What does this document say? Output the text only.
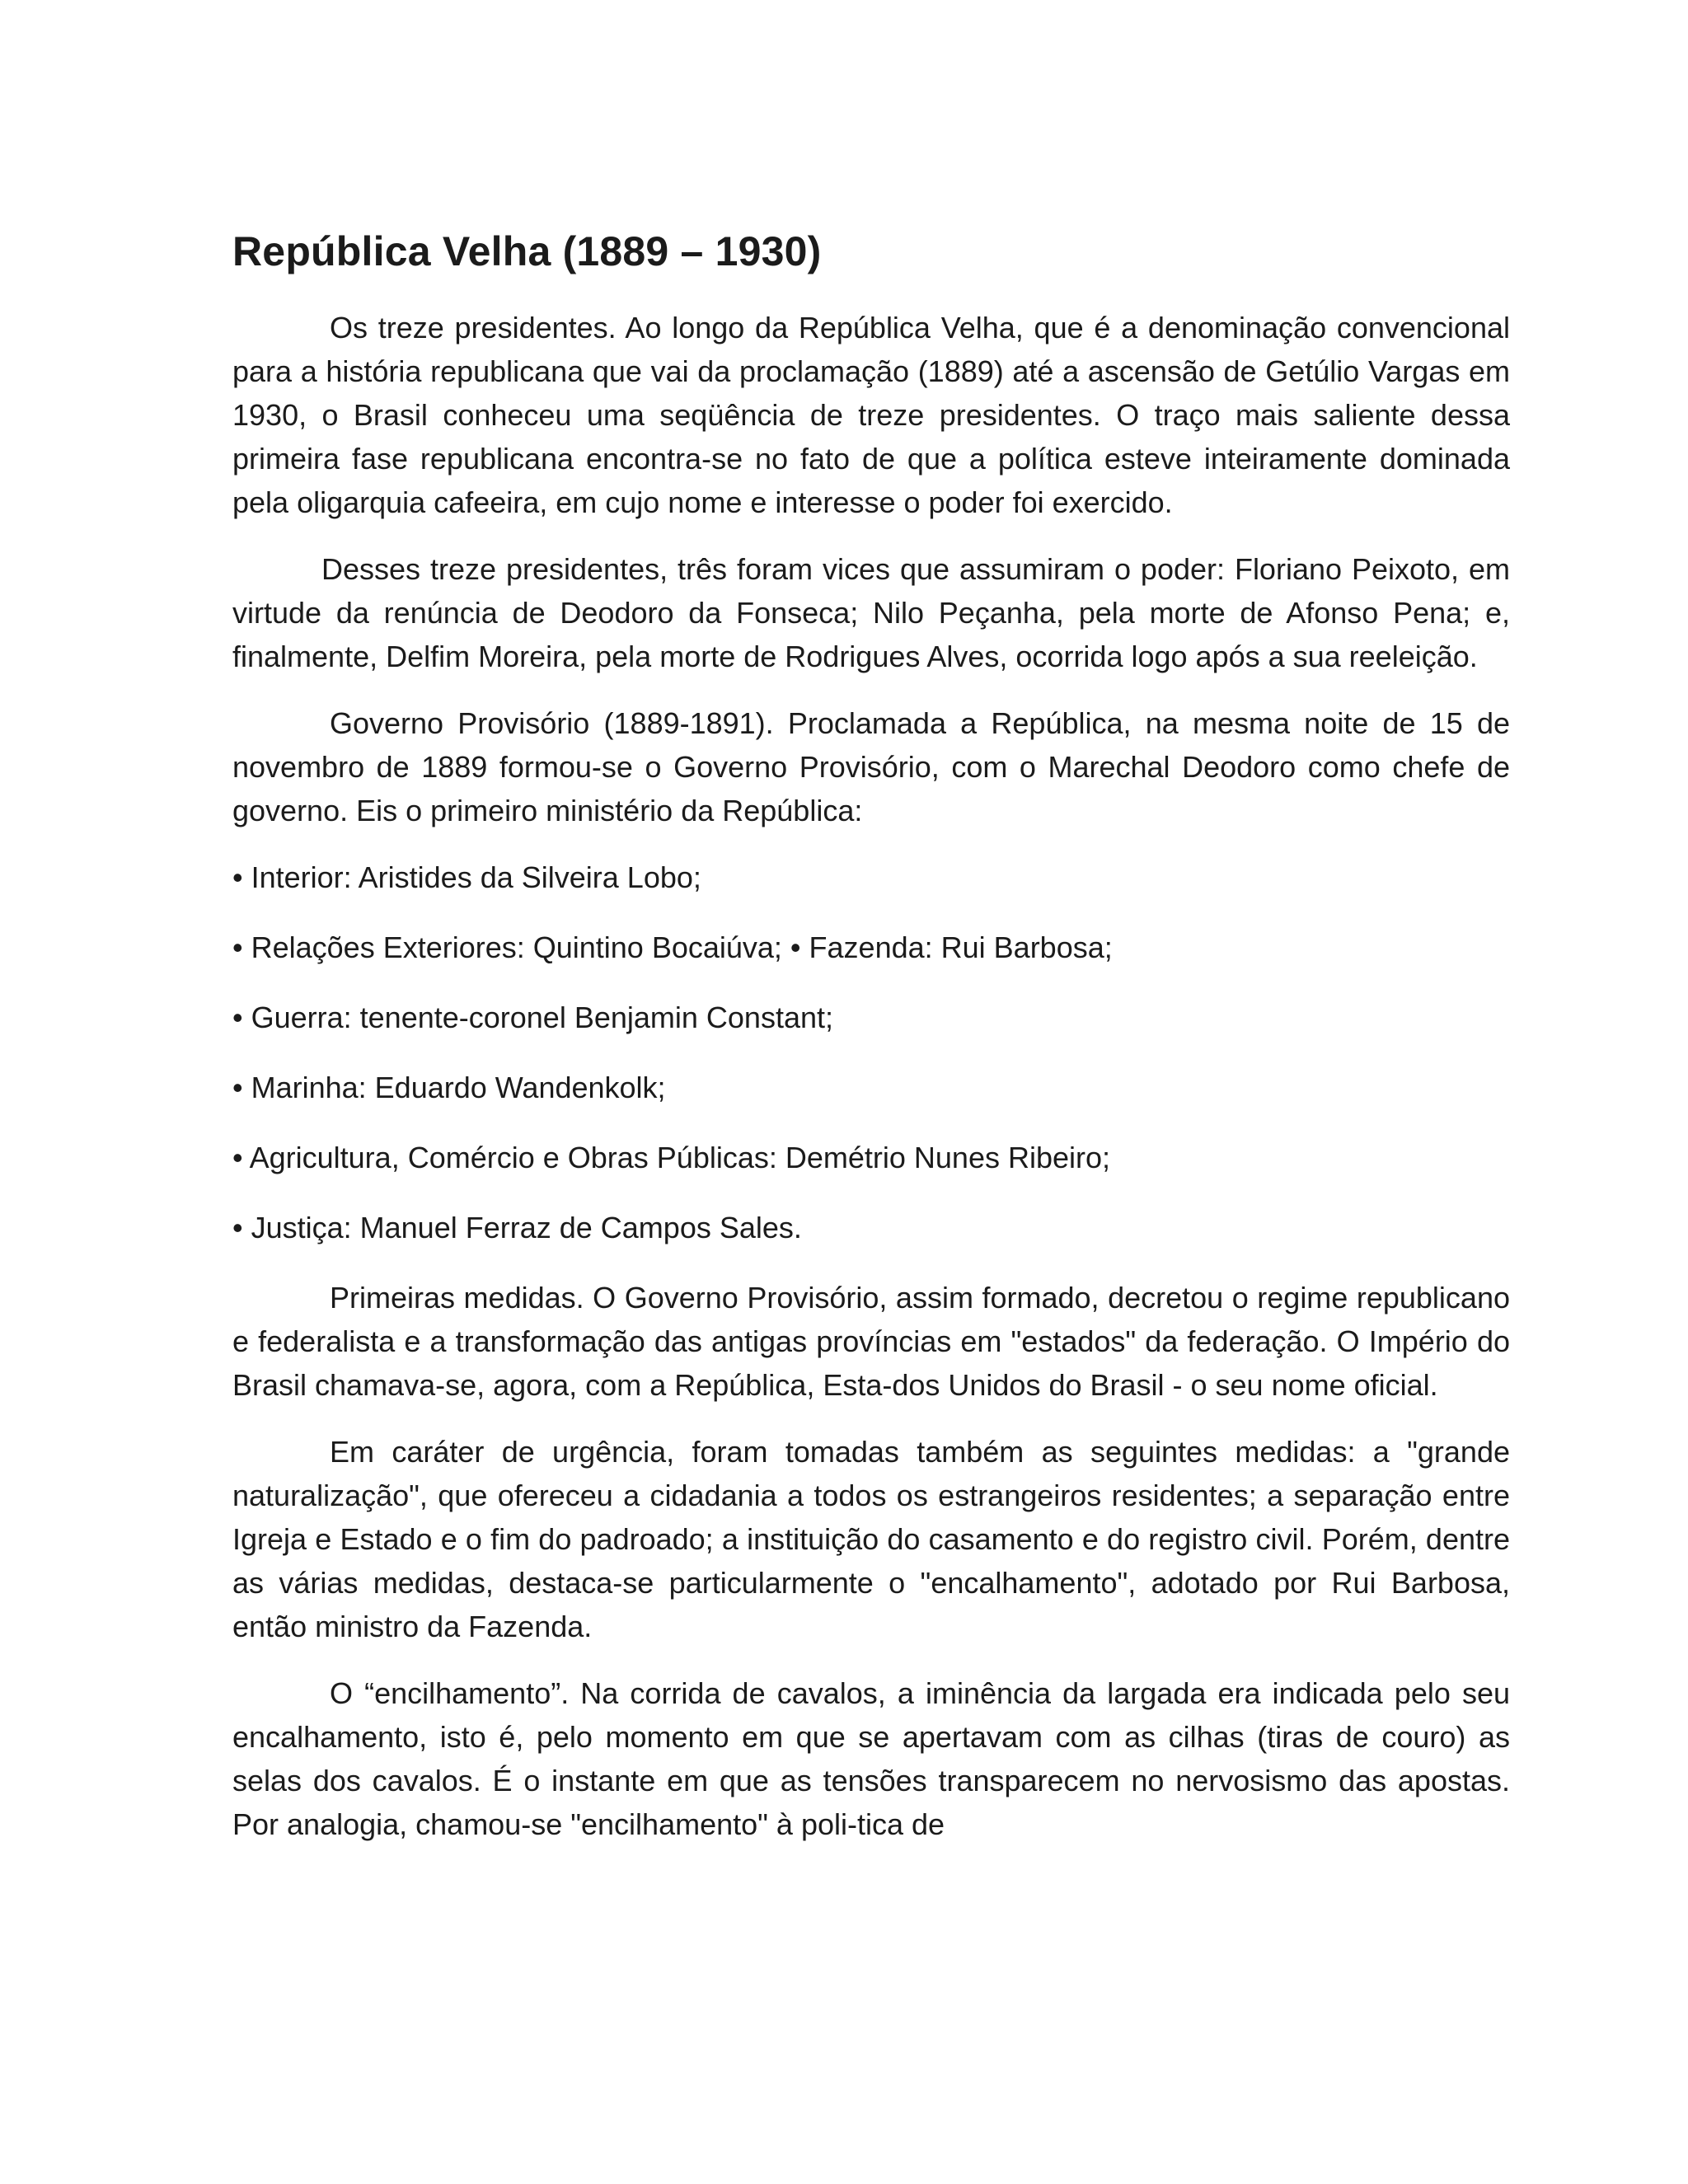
República Velha (1889 – 1930)

Os treze presidentes. Ao longo da República Velha, que é a denominação convencional para a história republicana que vai da proclamação (1889) até a ascensão de Getúlio Vargas em 1930, o Brasil conheceu uma seqüência de treze presidentes. O traço mais saliente dessa primeira fase republicana encontra-se no fato de que a política esteve inteiramente dominada pela oligarquia cafeeira, em cujo nome e interesse o poder foi exercido.

Desses treze presidentes, três foram vices que assumiram o poder: Floriano Peixoto, em virtude da renúncia de Deodoro da Fonseca; Nilo Peçanha, pela morte de Afonso Pena; e, finalmente, Delfim Moreira, pela morte de Rodrigues Alves, ocorrida logo após a sua reeleição.

Governo Provisório (1889-1891). Proclamada a República, na mesma noite de 15 de novembro de 1889 formou-se o Governo Provisório, com o Marechal Deodoro como chefe de governo. Eis o primeiro ministério da República:

• Interior: Aristides da Silveira Lobo;

• Relações Exteriores: Quintino Bocaiúva; • Fazenda: Rui Barbosa;

• Guerra: tenente-coronel Benjamin Constant;

• Marinha: Eduardo Wandenkolk;

• Agricultura, Comércio e Obras Públicas: Demétrio Nunes Ribeiro;

• Justiça: Manuel Ferraz de Campos Sales.

Primeiras medidas. O Governo Provisório, assim formado, decretou o regime republicano e federalista e a transformação das antigas províncias em "estados" da federação. O Império do Brasil chamava-se, agora, com a República, Esta-dos Unidos do Brasil - o seu nome oficial.

Em caráter de urgência, foram tomadas também as seguintes medidas: a "grande naturalização", que ofereceu a cidadania a todos os estrangeiros residentes; a separação entre Igreja e Estado e o fim do padroado; a instituição do casamento e do registro civil. Porém, dentre as várias medidas, destaca-se particularmente o "encalhamento", adotado por Rui Barbosa, então ministro da Fazenda.

O “encilhamento”. Na corrida de cavalos, a iminência da largada era indicada pelo seu encalhamento, isto é, pelo momento em que se apertavam com as cilhas (tiras de couro) as selas dos cavalos. É o instante em que as tensões transparecem no nervosismo das apostas. Por analogia, chamou-se "encilhamento" à poli-tica de
